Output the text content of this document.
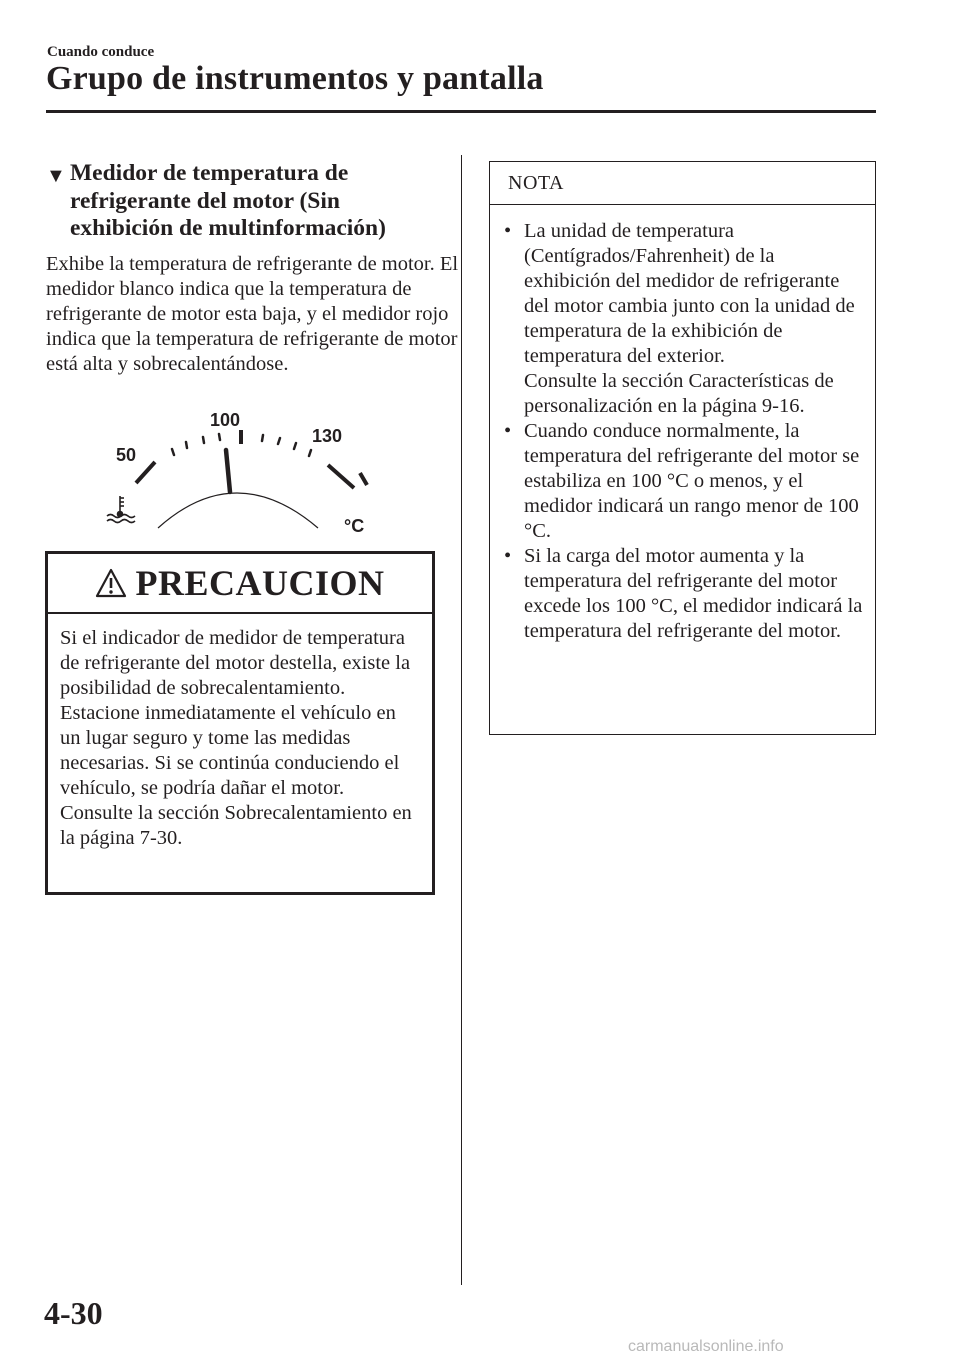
Cuando conduce
Grupo de instrumentos y pantalla
▼ Medidor de temperatura de refrigerante del motor (Sin exhibición de multinformación)
Exhibe la temperatura de refrigerante de motor. El medidor blanco indica que la temperatura de refrigerante de motor esta baja, y el medidor rojo indica que la temperatura de refrigerante de motor está alta y sobrecalentándose.
50
100
130
°C
PRECAUCION
Si el indicador de medidor de temperatura de refrigerante del motor destella, existe la posibilidad de sobrecalentamiento. Estacione inmediatamente el vehículo en un lugar seguro y tome las medidas necesarias. Si se continúa conduciendo el vehículo, se podría dañar el motor.
Consulte la sección Sobrecalentamiento en la página 7-30.
NOTA
• La unidad de temperatura (Centígrados/Fahrenheit) de la exhibición del medidor de refrigerante del motor cambia junto con la unidad de temperatura de la exhibición de temperatura del exterior.
Consulte la sección Características de personalización en la página 9-16.
• Cuando conduce normalmente, la temperatura del refrigerante del motor se estabiliza en 100 °C o menos, y el medidor indicará un rango menor de 100 °C.
• Si la carga del motor aumenta y la temperatura del refrigerante del motor excede los 100 °C, el medidor indicará la temperatura del refrigerante del motor.
4-30
carmanualsonline.info
